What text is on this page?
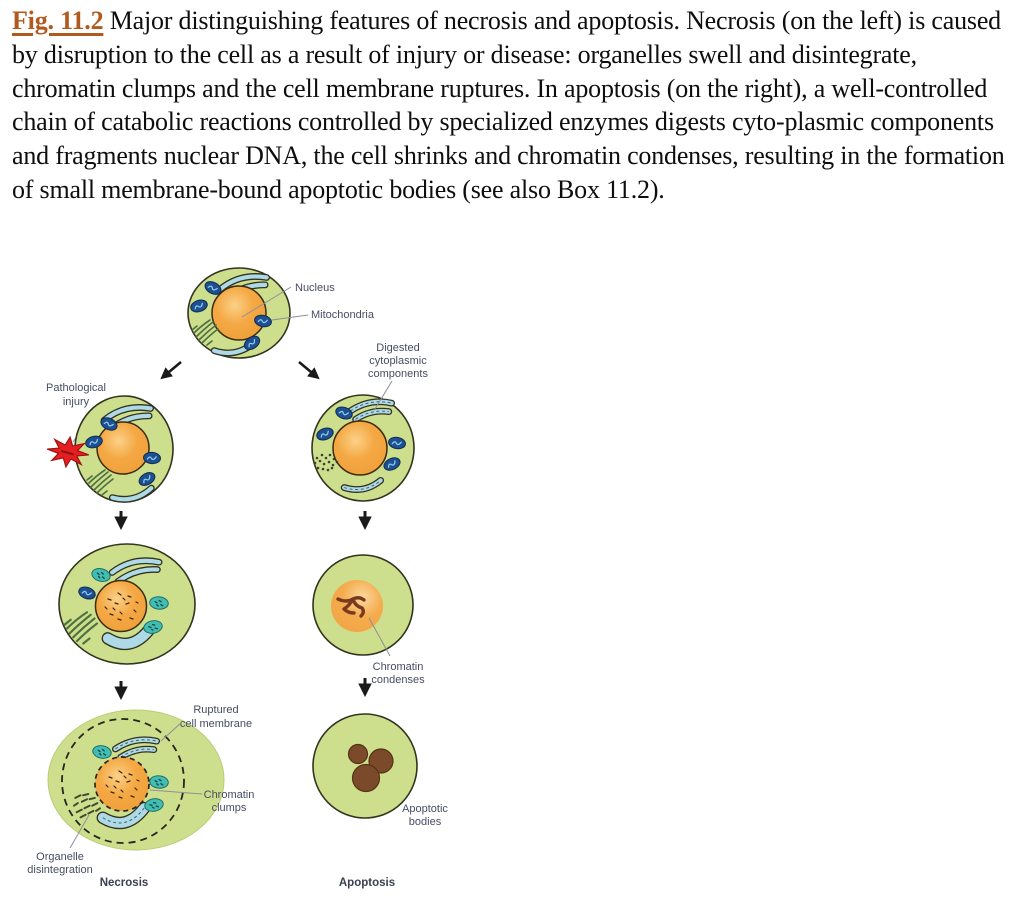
Fig. 11.2 Major distinguishing features of necrosis and apoptosis. Necrosis (on the left) is caused by disruption to the cell as a result of injury or disease: organelles swell and disintegrate, chromatin clumps and the cell membrane ruptures. In apoptosis (on the right), a well-controlled chain of catabolic reactions controlled by specialized enzymes digests cyto-plasmic components and fragments nuclear DNA, the cell shrinks and chromatin condenses, resulting in the formation of small membrane-bound apoptotic bodies (see also Box 11.2).
Nucleus
Mitochondria
Pathological
injury
Digested
cytoplasmic
components
Chromatin
condenses
Ruptured
cell membrane
Chromatin
clumps
Organelle
disintegration
Apoptotic
bodies
Necrosis	Apoptosis
